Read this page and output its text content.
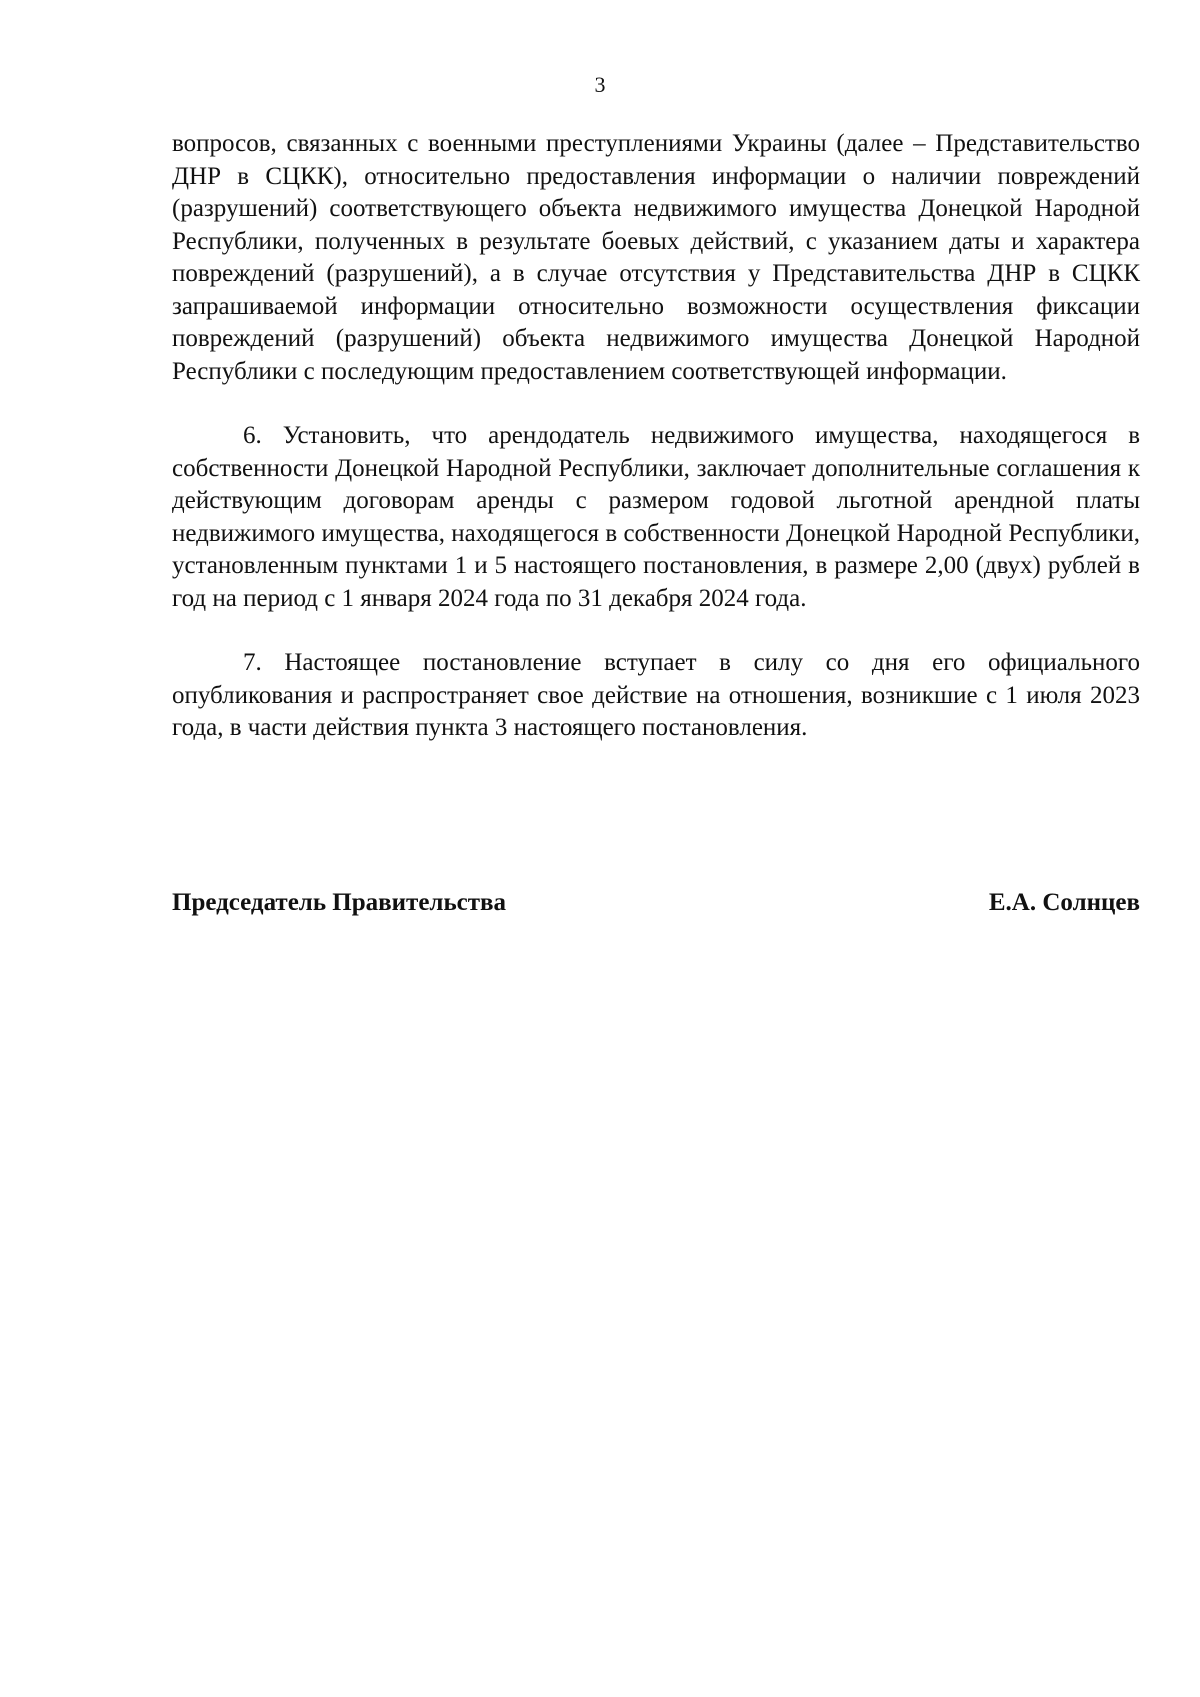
3

вопросов, связанных с военными преступлениями Украины (далее – Представительство ДНР в СЦКК), относительно предоставления информации о наличии повреждений (разрушений) соответствующего объекта недвижимого имущества Донецкой Народной Республики, полученных в результате боевых действий, с указанием даты и характера повреждений (разрушений), а в случае отсутствия у Представительства ДНР в СЦКК запрашиваемой информации относительно возможности осуществления фиксации повреждений (разрушений) объекта недвижимого имущества Донецкой Народной Республики с последующим предоставлением соответствующей информации.

6. Установить, что арендодатель недвижимого имущества, находящегося в собственности Донецкой Народной Республики, заключает дополнительные соглашения к действующим договорам аренды с размером годовой льготной арендной платы недвижимого имущества, находящегося в собственности Донецкой Народной Республики, установленным пунктами 1 и 5 настоящего постановления, в размере 2,00 (двух) рублей в год на период с 1 января 2024 года по 31 декабря 2024 года.

7. Настоящее постановление вступает в силу со дня его официального опубликования и распространяет свое действие на отношения, возникшие с 1 июля 2023 года, в части действия пункта 3 настоящего постановления.

Председатель Правительства	Е.А. Солнцев
